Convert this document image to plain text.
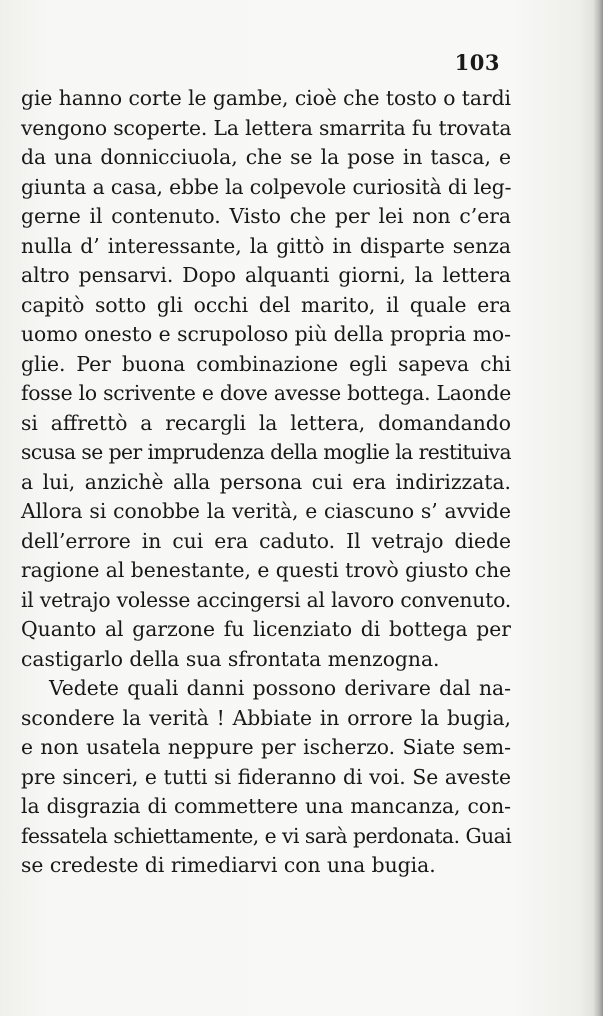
103
gie hanno corte le gambe, cioè che tosto o tardi
vengono scoperte. La lettera smarrita fu trovata
da una donnicciuola, che se la pose in tasca, e
giunta a casa, ebbe la colpevole curiosità di leg-
gerne il contenuto. Visto che per lei non c’era
nulla d’ interessante, la gittò in disparte senza
altro pensarvi. Dopo alquanti giorni, la lettera
capitò sotto gli occhi del marito, il quale era
uomo onesto e scrupoloso più della propria mo-
glie. Per buona combinazione egli sapeva chi
fosse lo scrivente e dove avesse bottega. Laonde
si affrettò a recargli la lettera, domandando
scusa se per imprudenza della moglie la restituiva
a lui, anzichè alla persona cui era indirizzata.
Allora si conobbe la verità, e ciascuno s’ avvide
dell’errore in cui era caduto. Il vetrajo diede
ragione al benestante, e questi trovò giusto che
il vetrajo volesse accingersi al lavoro convenuto.
Quanto al garzone fu licenziato di bottega per
castigarlo della sua sfrontata menzogna.
Vedete quali danni possono derivare dal na-
scondere la verità ! Abbiate in orrore la bugia,
e non usatela neppure per ischerzo. Siate sem-
pre sinceri, e tutti si fideranno di voi. Se aveste
la disgrazia di commettere una mancanza, con-
fessatela schiettamente, e vi sarà perdonata. Guai
se credeste di rimediarvi con una bugia.
